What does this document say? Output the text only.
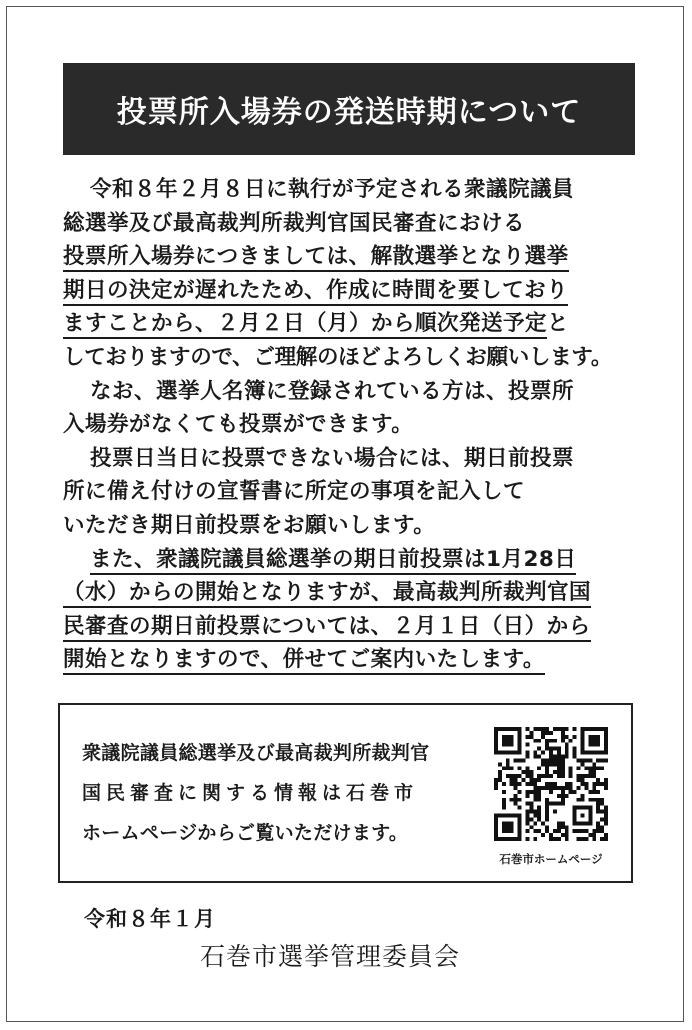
投票所入場券の発送時期について
令和８年２月８日に執行が予定される衆議院議員
総選挙及び最高裁判所裁判官国民審査における
投票所入場券につきましては、解散選挙となり選挙
期日の決定が遅れたため、作成に時間を要しており
ますことから、２月２日（月）から順次発送予定と
しておりますので、ご理解のほどよろしくお願いします。
なお、選挙人名簿に登録されている方は、投票所
入場券がなくても投票ができます。
投票日当日に投票できない場合には、期日前投票
所に備え付けの宣誓書に所定の事項を記入して
いただき期日前投票をお願いします。
また、衆議院議員総選挙の期日前投票は1月28日
（水）からの開始となりますが、最高裁判所裁判官国
民審査の期日前投票については、２月１日（日）から
開始となりますので、併せてご案内いたします。
衆議院議員総選挙及び最高裁判所裁判官
国民審査に関する情報は石巻市
ホームページからご覧いただけます。
石巻市ホームページ
令和８年１月
石巻市選挙管理委員会
